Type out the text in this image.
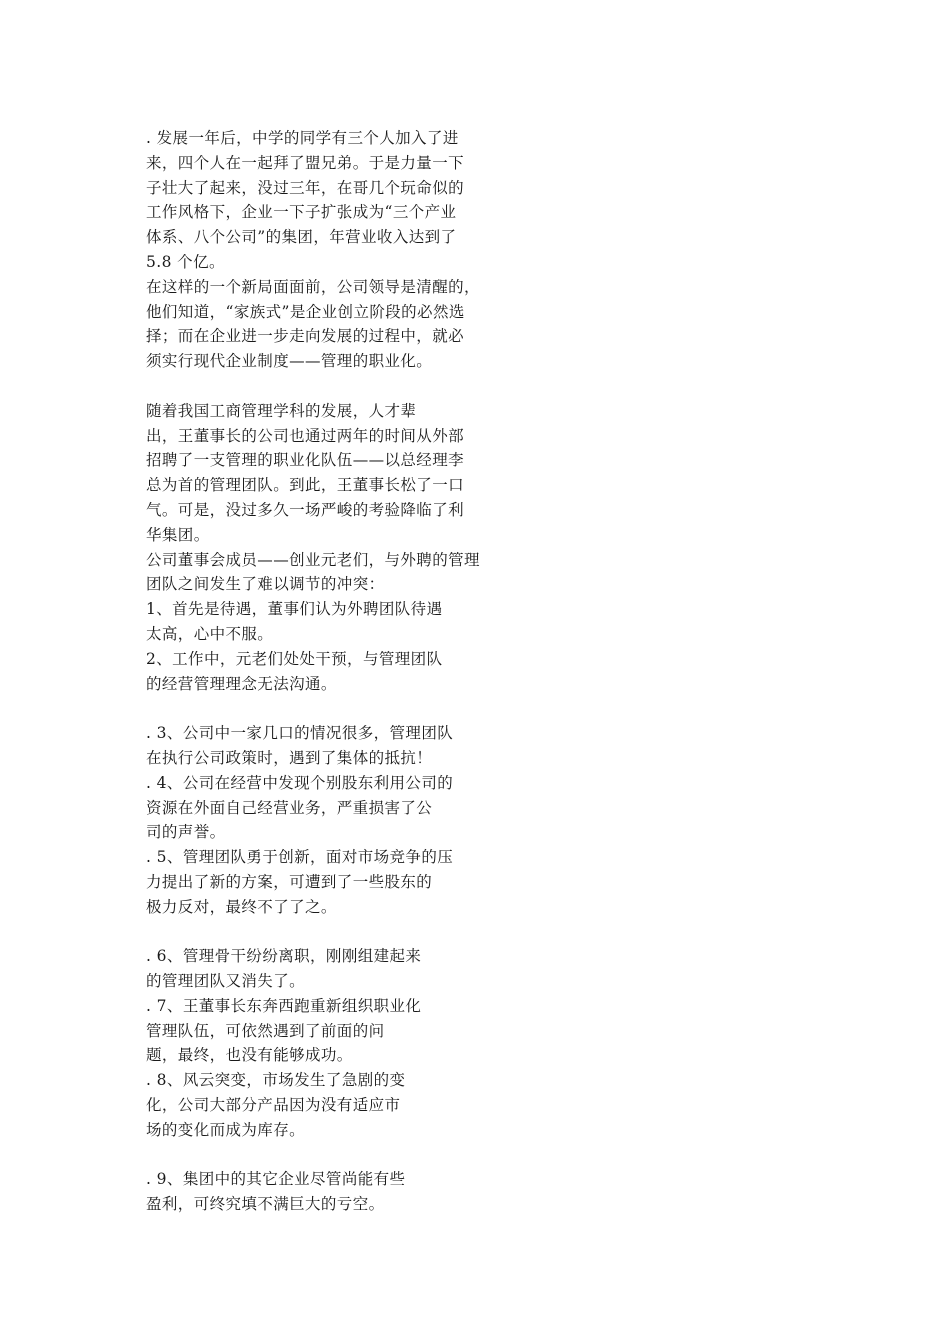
. 发展一年后，中学的同学有三个人加入了进
来，四个人在一起拜了盟兄弟。于是力量一下
子壮大了起来，没过三年，在哥几个玩命似的
工作风格下，企业一下子扩张成为“三个产业
体系、八个公司”的集团，年营业收入达到了
5.8 个亿。
在这样的一个新局面面前，公司领导是清醒的，
他们知道，“家族式”是企业创立阶段的必然选
择；而在企业进一步走向发展的过程中，就必
须实行现代企业制度——管理的职业化。
随着我国工商管理学科的发展，人才辈
出，王董事长的公司也通过两年的时间从外部
招聘了一支管理的职业化队伍——以总经理李
总为首的管理团队。到此，王董事长松了一口
气。可是，没过多久一场严峻的考验降临了利
华集团。
公司董事会成员——创业元老们，与外聘的管理
团队之间发生了难以调节的冲突：
1、首先是待遇，董事们认为外聘团队待遇
太高，心中不服。
2、工作中，元老们处处干预，与管理团队
的经营管理理念无法沟通。
. 3、公司中一家几口的情况很多，管理团队
在执行公司政策时，遇到了集体的抵抗！
. 4、公司在经营中发现个别股东利用公司的
资源在外面自己经营业务，严重损害了公
司的声誉。
. 5、管理团队勇于创新，面对市场竞争的压
力提出了新的方案，可遭到了一些股东的
极力反对，最终不了了之。
. 6、管理骨干纷纷离职，刚刚组建起来
的管理团队又消失了。
. 7、王董事长东奔西跑重新组织职业化
管理队伍，可依然遇到了前面的问
题，最终，也没有能够成功。
. 8、风云突变，市场发生了急剧的变
化，公司大部分产品因为没有适应市
场的变化而成为库存。
. 9、集团中的其它企业尽管尚能有些
盈利，可终究填不满巨大的亏空。
